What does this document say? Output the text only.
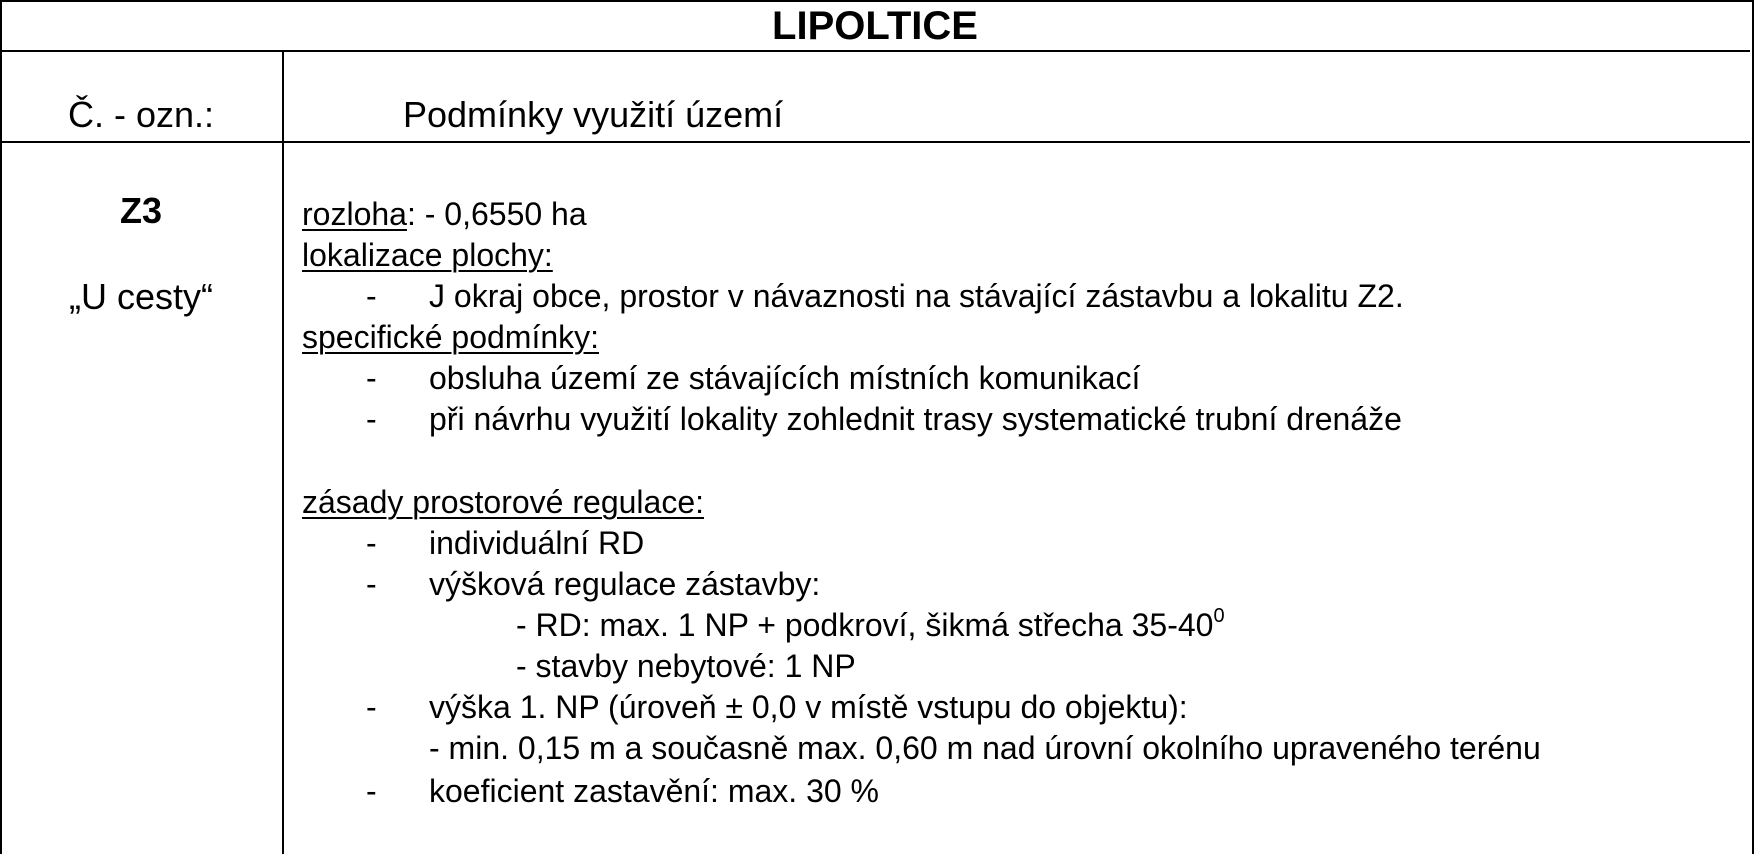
LIPOLTICE
Č. - ozn.:	Podmínky využití území
Z3
„U cesty“
rozloha: - 0,6550 ha
lokalizace plochy:
- J okraj obce, prostor v návaznosti na stávající zástavbu a lokalitu Z2.
specifické podmínky:
- obsluha území ze stávajících místních komunikací
- při návrhu využití lokality zohlednit trasy systematické trubní drenáže
zásady prostorové regulace:
- individuální RD
- výšková regulace zástavby:
- RD: max. 1 NP + podkroví, šikmá střecha $35-40^0$
- stavby nebytové: 1 NP
- výška 1. NP (úroveň ± 0,0 v místě vstupu do objektu):
- min. 0,15 m a současně max. 0,60 m nad úrovní okolního upraveného terénu
- koeficient zastavění: max. 30 %
